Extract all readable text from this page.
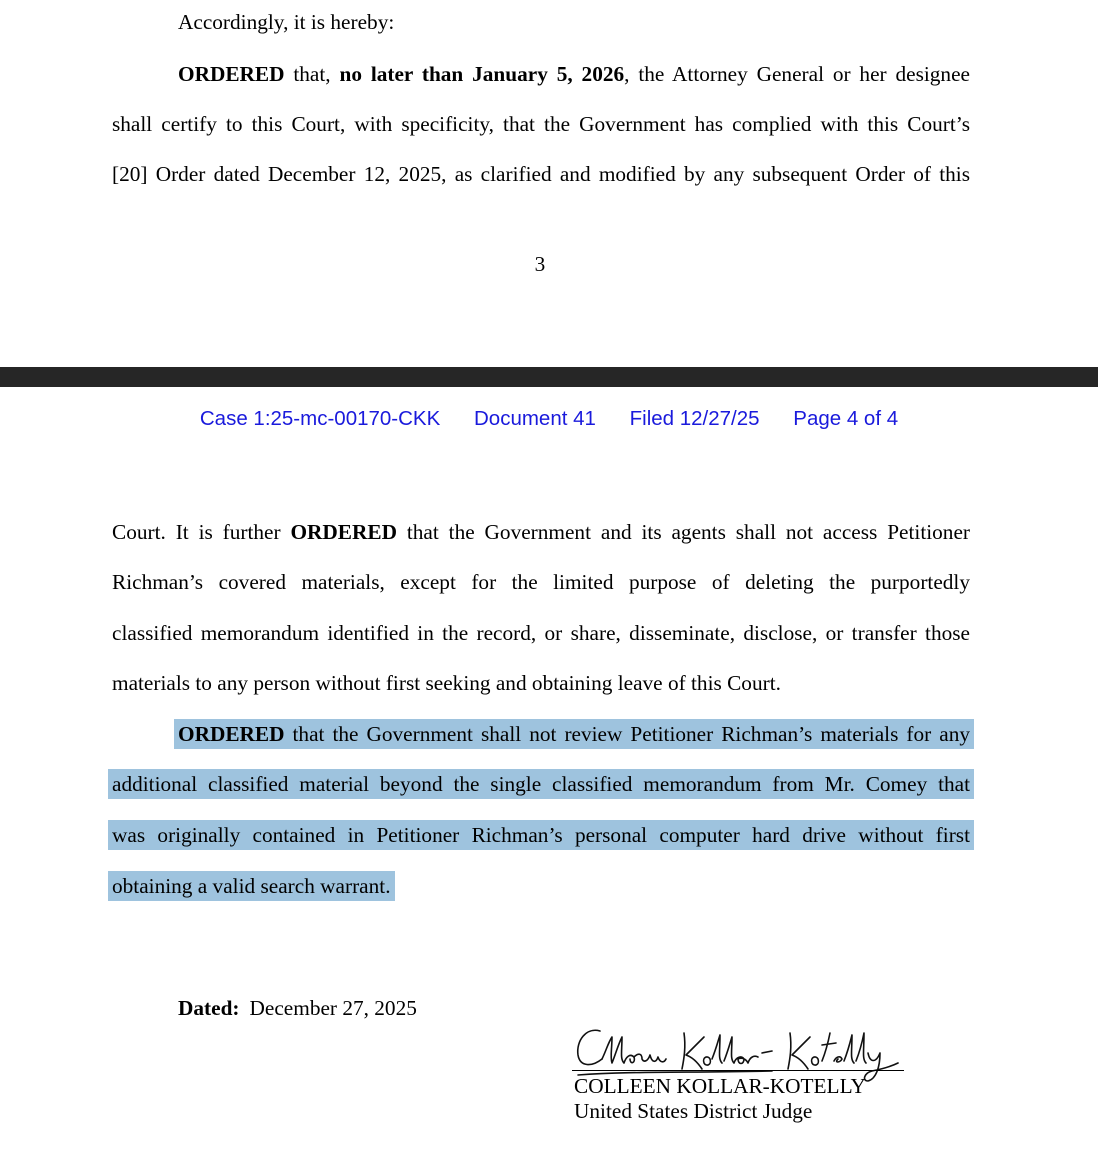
Accordingly, it is hereby:
ORDERED that, no later than January 5, 2026, the Attorney General or her designee
shall certify to this Court, with specificity, that the Government has complied with this Court’s
[20] Order dated December 12, 2025, as clarified and modified by any subsequent Order of this
3
Case 1:25-mc-00170-CKK Document 41 Filed 12/27/25 Page 4 of 4
Court. It is further ORDERED that the Government and its agents shall not access Petitioner
Richman’s covered materials, except for the limited purpose of deleting the purportedly
classified memorandum identified in the record, or share, disseminate, disclose, or transfer those
materials to any person without first seeking and obtaining leave of this Court.
ORDERED that the Government shall not review Petitioner Richman’s materials for any
additional classified material beyond the single classified memorandum from Mr. Comey that
was originally contained in Petitioner Richman’s personal computer hard drive without first
obtaining a valid search warrant.
Dated: December 27, 2025
COLLEEN KOLLAR-KOTELLY
United States District Judge
